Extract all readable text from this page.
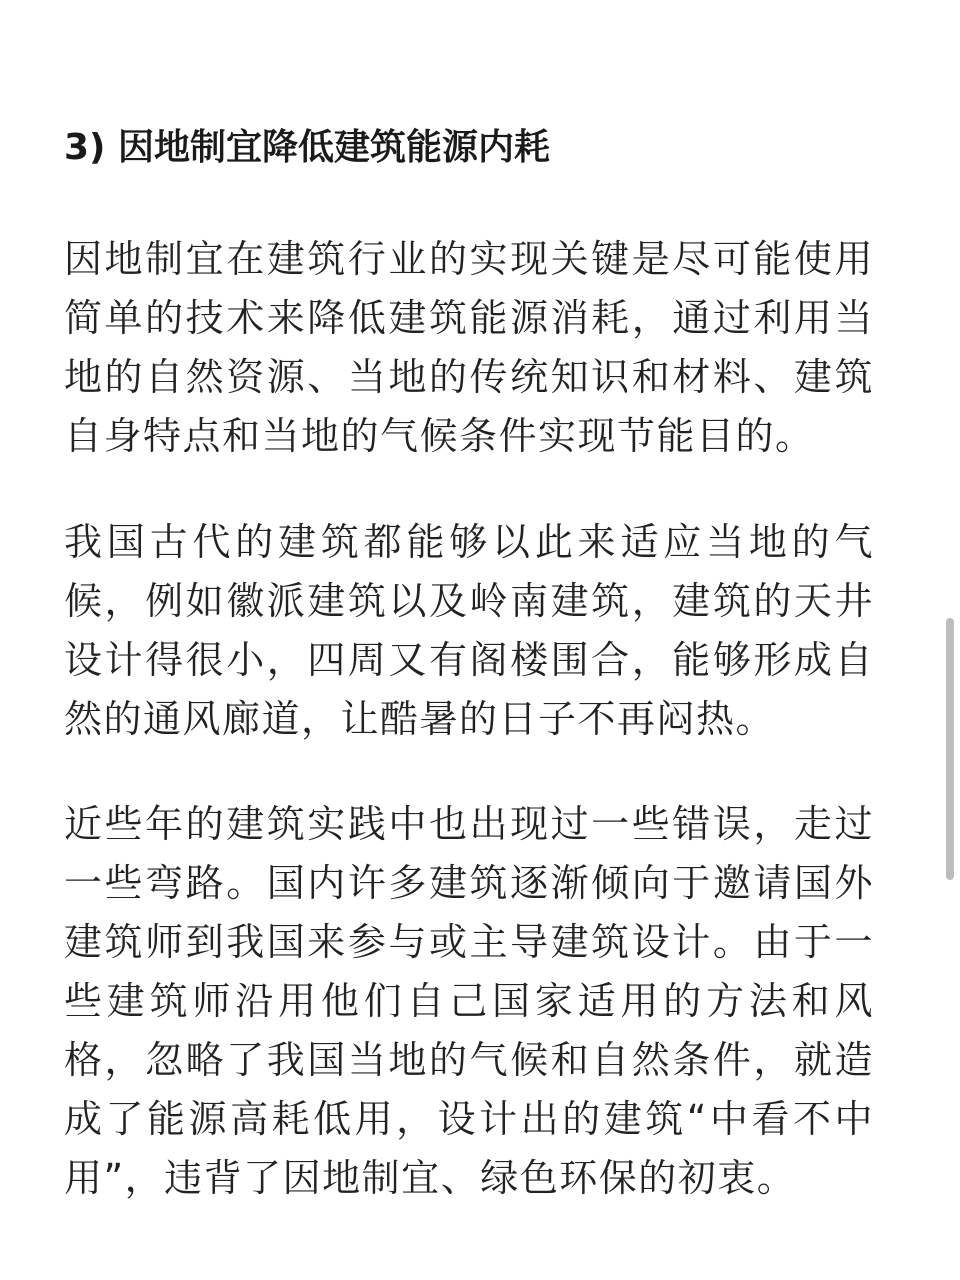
3) 因地制宜降低建筑能源内耗

因地制宜在建筑行业的实现关键是尽可能使用简单的技术来降低建筑能源消耗，通过利用当地的自然资源、当地的传统知识和材料、建筑自身特点和当地的气候条件实现节能目的。

我国古代的建筑都能够以此来适应当地的气候，例如徽派建筑以及岭南建筑，建筑的天井设计得很小，四周又有阁楼围合，能够形成自然的通风廊道，让酷暑的日子不再闷热。

近些年的建筑实践中也出现过一些错误，走过一些弯路。国内许多建筑逐渐倾向于邀请国外建筑师到我国来参与或主导建筑设计。由于一些建筑师沿用他们自己国家适用的方法和风格，忽略了我国当地的气候和自然条件，就造成了能源高耗低用，设计出的建筑“中看不中用”，违背了因地制宜、绿色环保的初衷。
